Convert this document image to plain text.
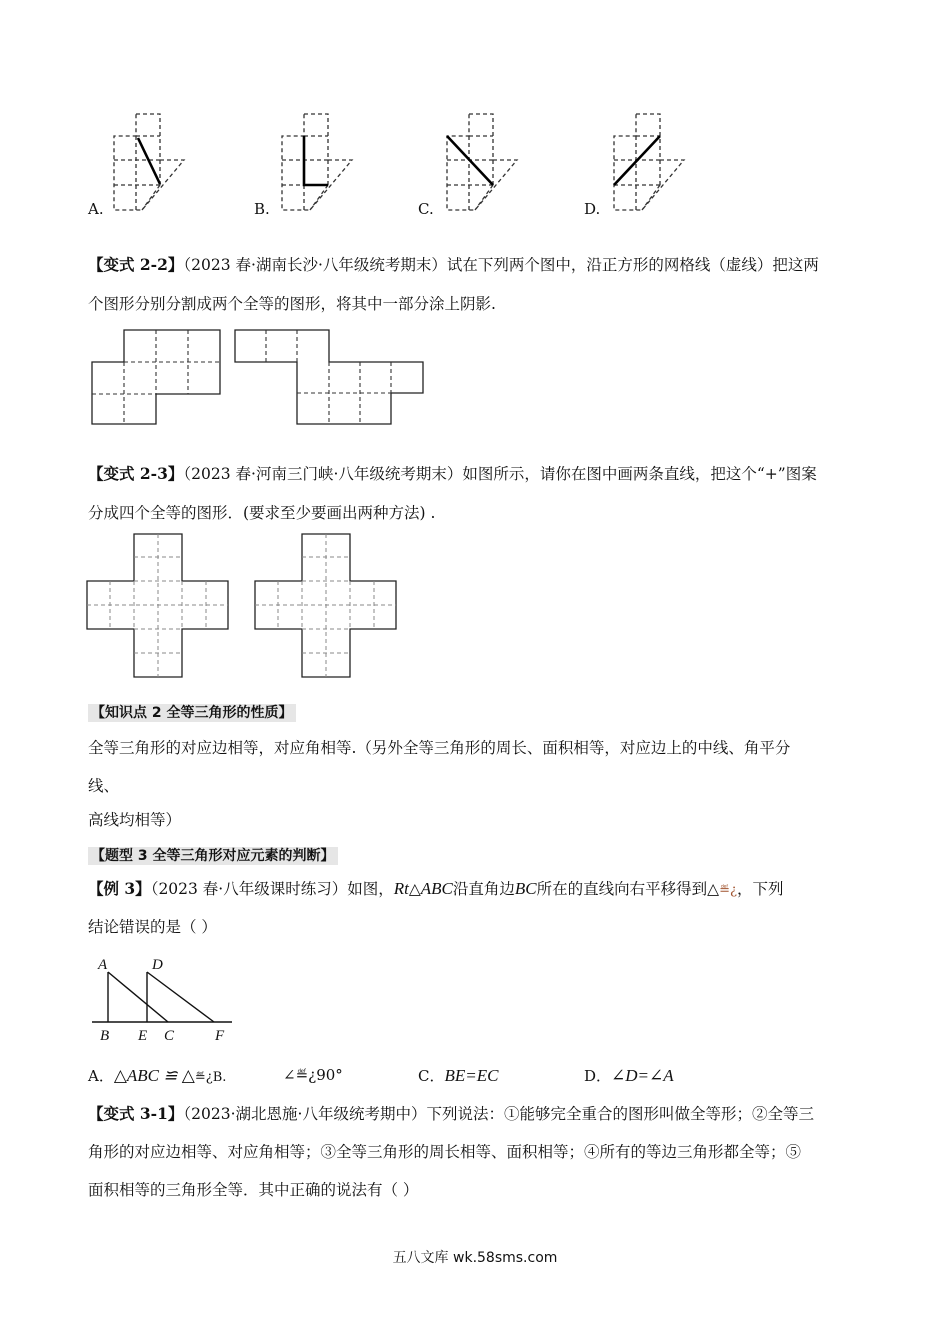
A.	B.	C.	D.
【变式 2-2】（2023 春·湖南长沙·八年级统考期末）试在下列两个图中，沿正方形的网格线（虚线）把这两
个图形分别分割成两个全等的图形，将其中一部分涂上阴影.
【变式 2-3】（2023 春·河南三门峡·八年级统考期末）如图所示，请你在图中画两条直线，把这个“+”图案
分成四个全等的图形．(要求至少要画出两种方法) .
【知识点 2 全等三角形的性质】
全等三角形的对应边相等，对应角相等.（另外全等三角形的周长、面积相等，对应边上的中线、角平分
线、
高线均相等）
【题型 3 全等三角形对应元素的判断】
【例 3】（2023 春·八年级课时练习）如图，Rt△ABC沿直角边BC所在的直线向右平移得到△≝¿，下列
结论错误的是（ ）
A	D
B E C	F
A．△ABC ≌ △≝¿B.	∠≝¿90°	C．BE=EC	D．∠D=∠A
【变式 3-1】（2023·湖北恩施·八年级统考期中）下列说法：①能够完全重合的图形叫做全等形；②全等三
角形的对应边相等、对应角相等；③全等三角形的周长相等、面积相等；④所有的等边三角形都全等；⑤
面积相等的三角形全等．其中正确的说法有（ ）
五八文库 wk.58sms.com
